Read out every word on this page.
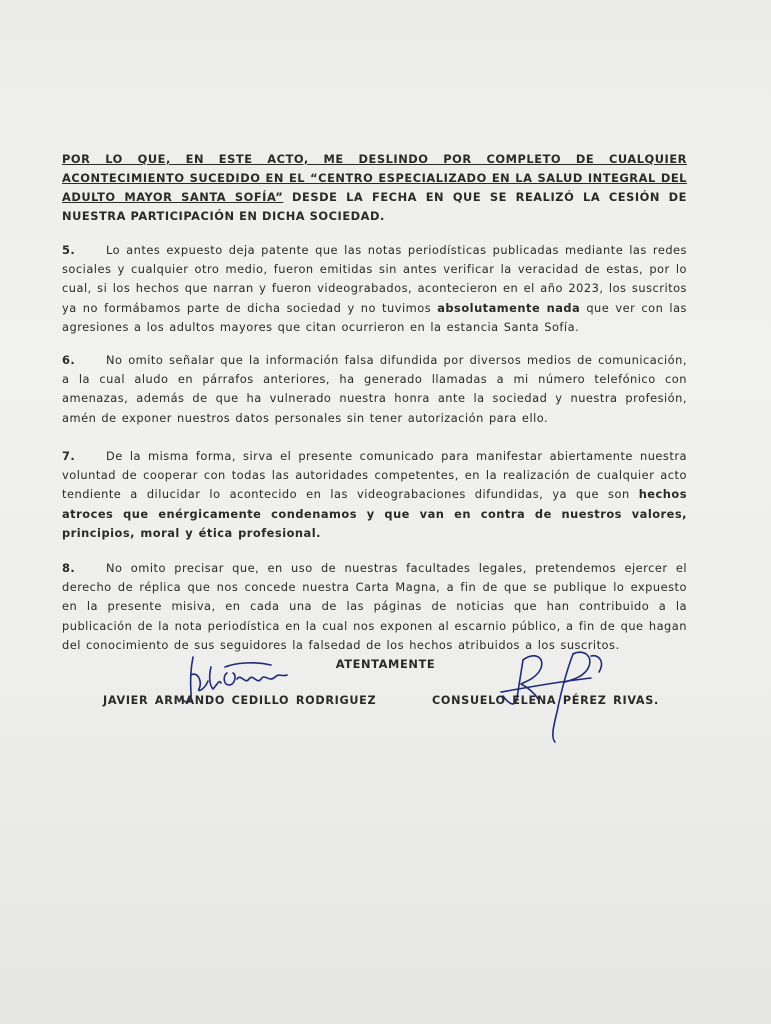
POR LO QUE, EN ESTE ACTO, ME DESLINDO POR COMPLETO DE CUALQUIER ACONTECIMIENTO SUCEDIDO EN EL “CENTRO ESPECIALIZADO EN LA SALUD INTEGRAL DEL ADULTO MAYOR SANTA SOFÍA” DESDE LA FECHA EN QUE SE REALIZÓ LA CESIÓN DE NUESTRA PARTICIPACIÓN EN DICHA SOCIEDAD.

5.	Lo antes expuesto deja patente que las notas periodísticas publicadas mediante las redes sociales y cualquier otro medio, fueron emitidas sin antes verificar la veracidad de estas, por lo cual, si los hechos que narran y fueron videograbados, acontecieron en el año 2023, los suscritos ya no formábamos parte de dicha sociedad y no tuvimos absolutamente nada que ver con las agresiones a los adultos mayores que citan ocurrieron en la estancia Santa Sofía.

6.	No omito señalar que la información falsa difundida por diversos medios de comunicación, a la cual aludo en párrafos anteriores, ha generado llamadas a mi número telefónico con amenazas, además de que ha vulnerado nuestra honra ante la sociedad y nuestra profesión, amén de exponer nuestros datos personales sin tener autorización para ello.

7.	De la misma forma, sirva el presente comunicado para manifestar abiertamente nuestra voluntad de cooperar con todas las autoridades competentes, en la realización de cualquier acto tendiente a dilucidar lo acontecido en las videograbaciones difundidas, ya que son hechos atroces que enérgicamente condenamos y que van en contra de nuestros valores, principios, moral y ética profesional.

8.	No omito precisar que, en uso de nuestras facultades legales, pretendemos ejercer el derecho de réplica que nos concede nuestra Carta Magna, a fin de que se publique lo expuesto en la presente misiva, en cada una de las páginas de noticias que han contribuido a la publicación de la nota periodística en la cual nos exponen al escarnio público, a fin de que hagan del conocimiento de sus seguidores la falsedad de los hechos atribuidos a los suscritos.

ATENTAMENTE

JAVIER ARMANDO CEDILLO RODRIGUEZ	CONSUELO ELENA PÉREZ RIVAS.
